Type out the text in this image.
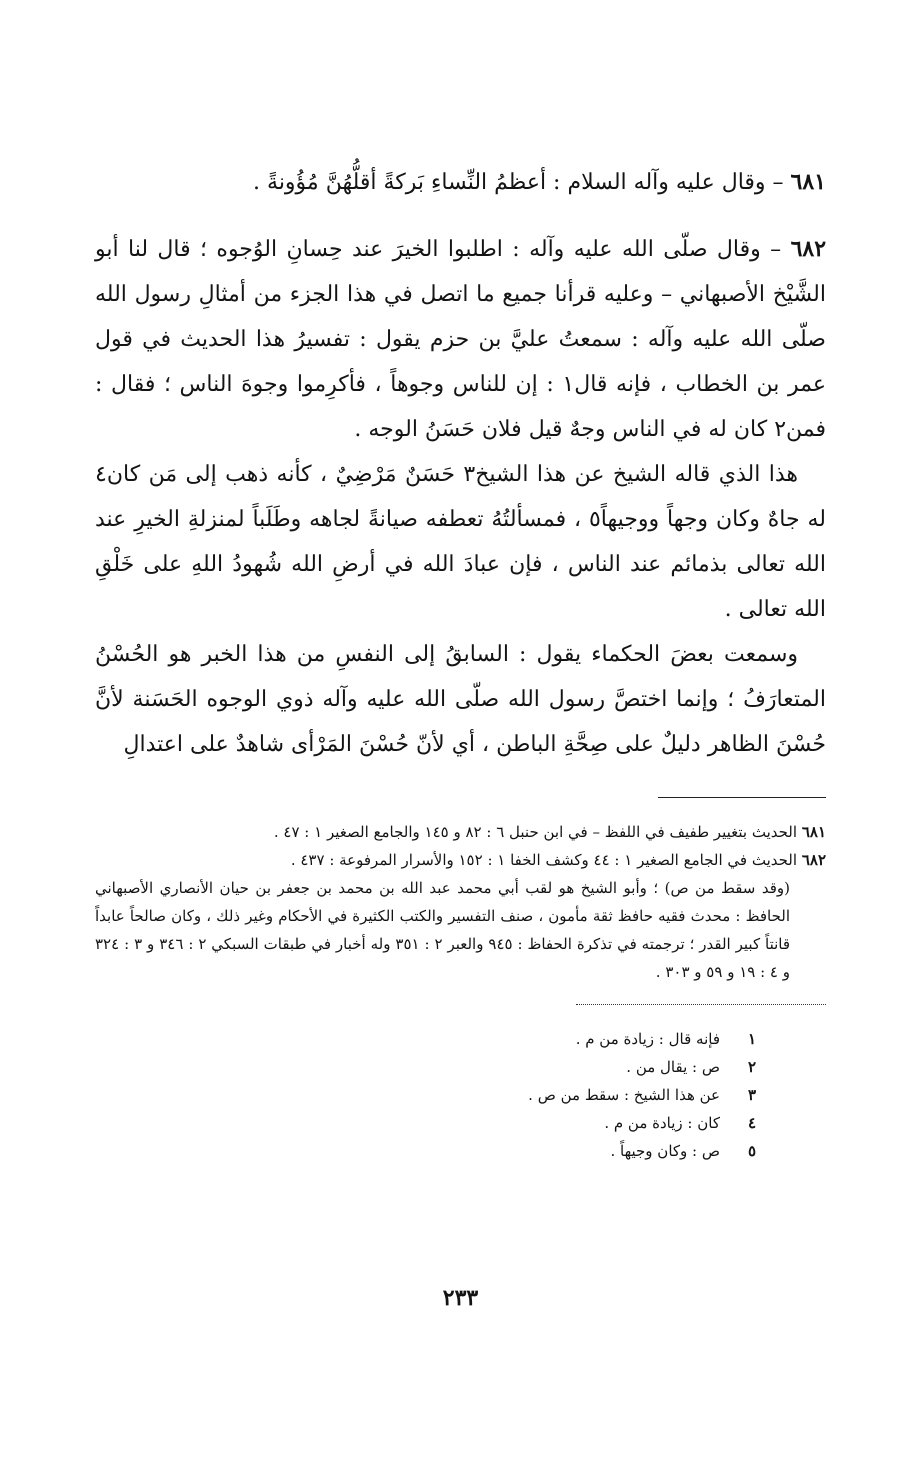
٦٨١ – وقال عليه وآله السلام : أعظمُ النِّساءِ بَركةً أقلُّهُنَّ مُؤُونةً .

٦٨٢ – وقال صلّى الله عليه وآله : اطلبوا الخيرَ عند حِسانِ الوُجوه ؛ قال لنا أبو الشَّيْخ الأصبهاني – وعليه قرأنا جميع ما اتصل في هذا الجزء من أمثالِ رسول الله صلّى الله عليه وآله : سمعتُ عليَّ بن حزم يقول : تفسيرُ هذا الحديث في قول عمر بن الخطاب ، فإنه قال١ : إن للناس وجوهاً ، فأكرِموا وجوهَ الناس ؛ فقال : فمن٢ كان له في الناس وجهٌ قيل فلان حَسَنُ الوجه .

هذا الذي قاله الشيخ عن هذا الشيخ٣ حَسَنٌ مَرْضِيٌ ، كأنه ذهب إلى مَن كان٤ له جاهٌ وكان وجهاً ووجيهاً٥ ، فمسألتُهُ تعطفه صيانةً لجاهه وطَلَباً لمنزلةِ الخيرِ عند الله تعالى بذمائم عند الناس ، فإن عبادَ الله في أرضِ الله شُهودُ اللهِ على خَلْقِ الله تعالى .

وسمعت بعضَ الحكماء يقول : السابقُ إلى النفسِ من هذا الخبر هو الحُسْنُ المتعارَفُ ؛ وإنما اختصَّ رسول الله صلّى الله عليه وآله ذوي الوجوه الحَسَنة لأنَّ حُسْنَ الظاهر دليلٌ على صِحَّةِ الباطن ، أي لأنّ حُسْنَ المَرْأى شاهدٌ على اعتدالِ

٦٨١ الحديث بتغيير طفيف في اللفظ – في ابن حنبل ٦ : ٨٢ و ١٤٥ والجامع الصغير ١ : ٤٧ .

٦٨٢ الحديث في الجامع الصغير ١ : ٤٤ وكشف الخفا ١ : ١٥٢ والأسرار المرفوعة : ٤٣٧ .

(وقد سقط من ص) ؛ وأبو الشيخ هو لقب أبي محمد عبد الله بن محمد بن جعفر بن حيان الأنصاري الأصبهاني الحافظ : محدث فقيه حافظ ثقة مأمون ، صنف التفسير والكتب الكثيرة في الأحكام وغير ذلك ، وكان صالحاً عابداً قانتاً كبير القدر ؛ ترجمته في تذكرة الحفاظ : ٩٤٥ والعبر ٢ : ٣٥١ وله أخبار في طبقات السبكي ٢ : ٣٤٦ و ٣ : ٣٢٤ و ٤ : ١٩ و ٥٩ و ٣٠٣ .
١فإنه قال : زيادة من م .
٢ص : يقال من .
٣عن هذا الشيخ : سقط من ص .
٤كان : زيادة من م .
٥ص : وكان وجيهاً .
٢٣٣
